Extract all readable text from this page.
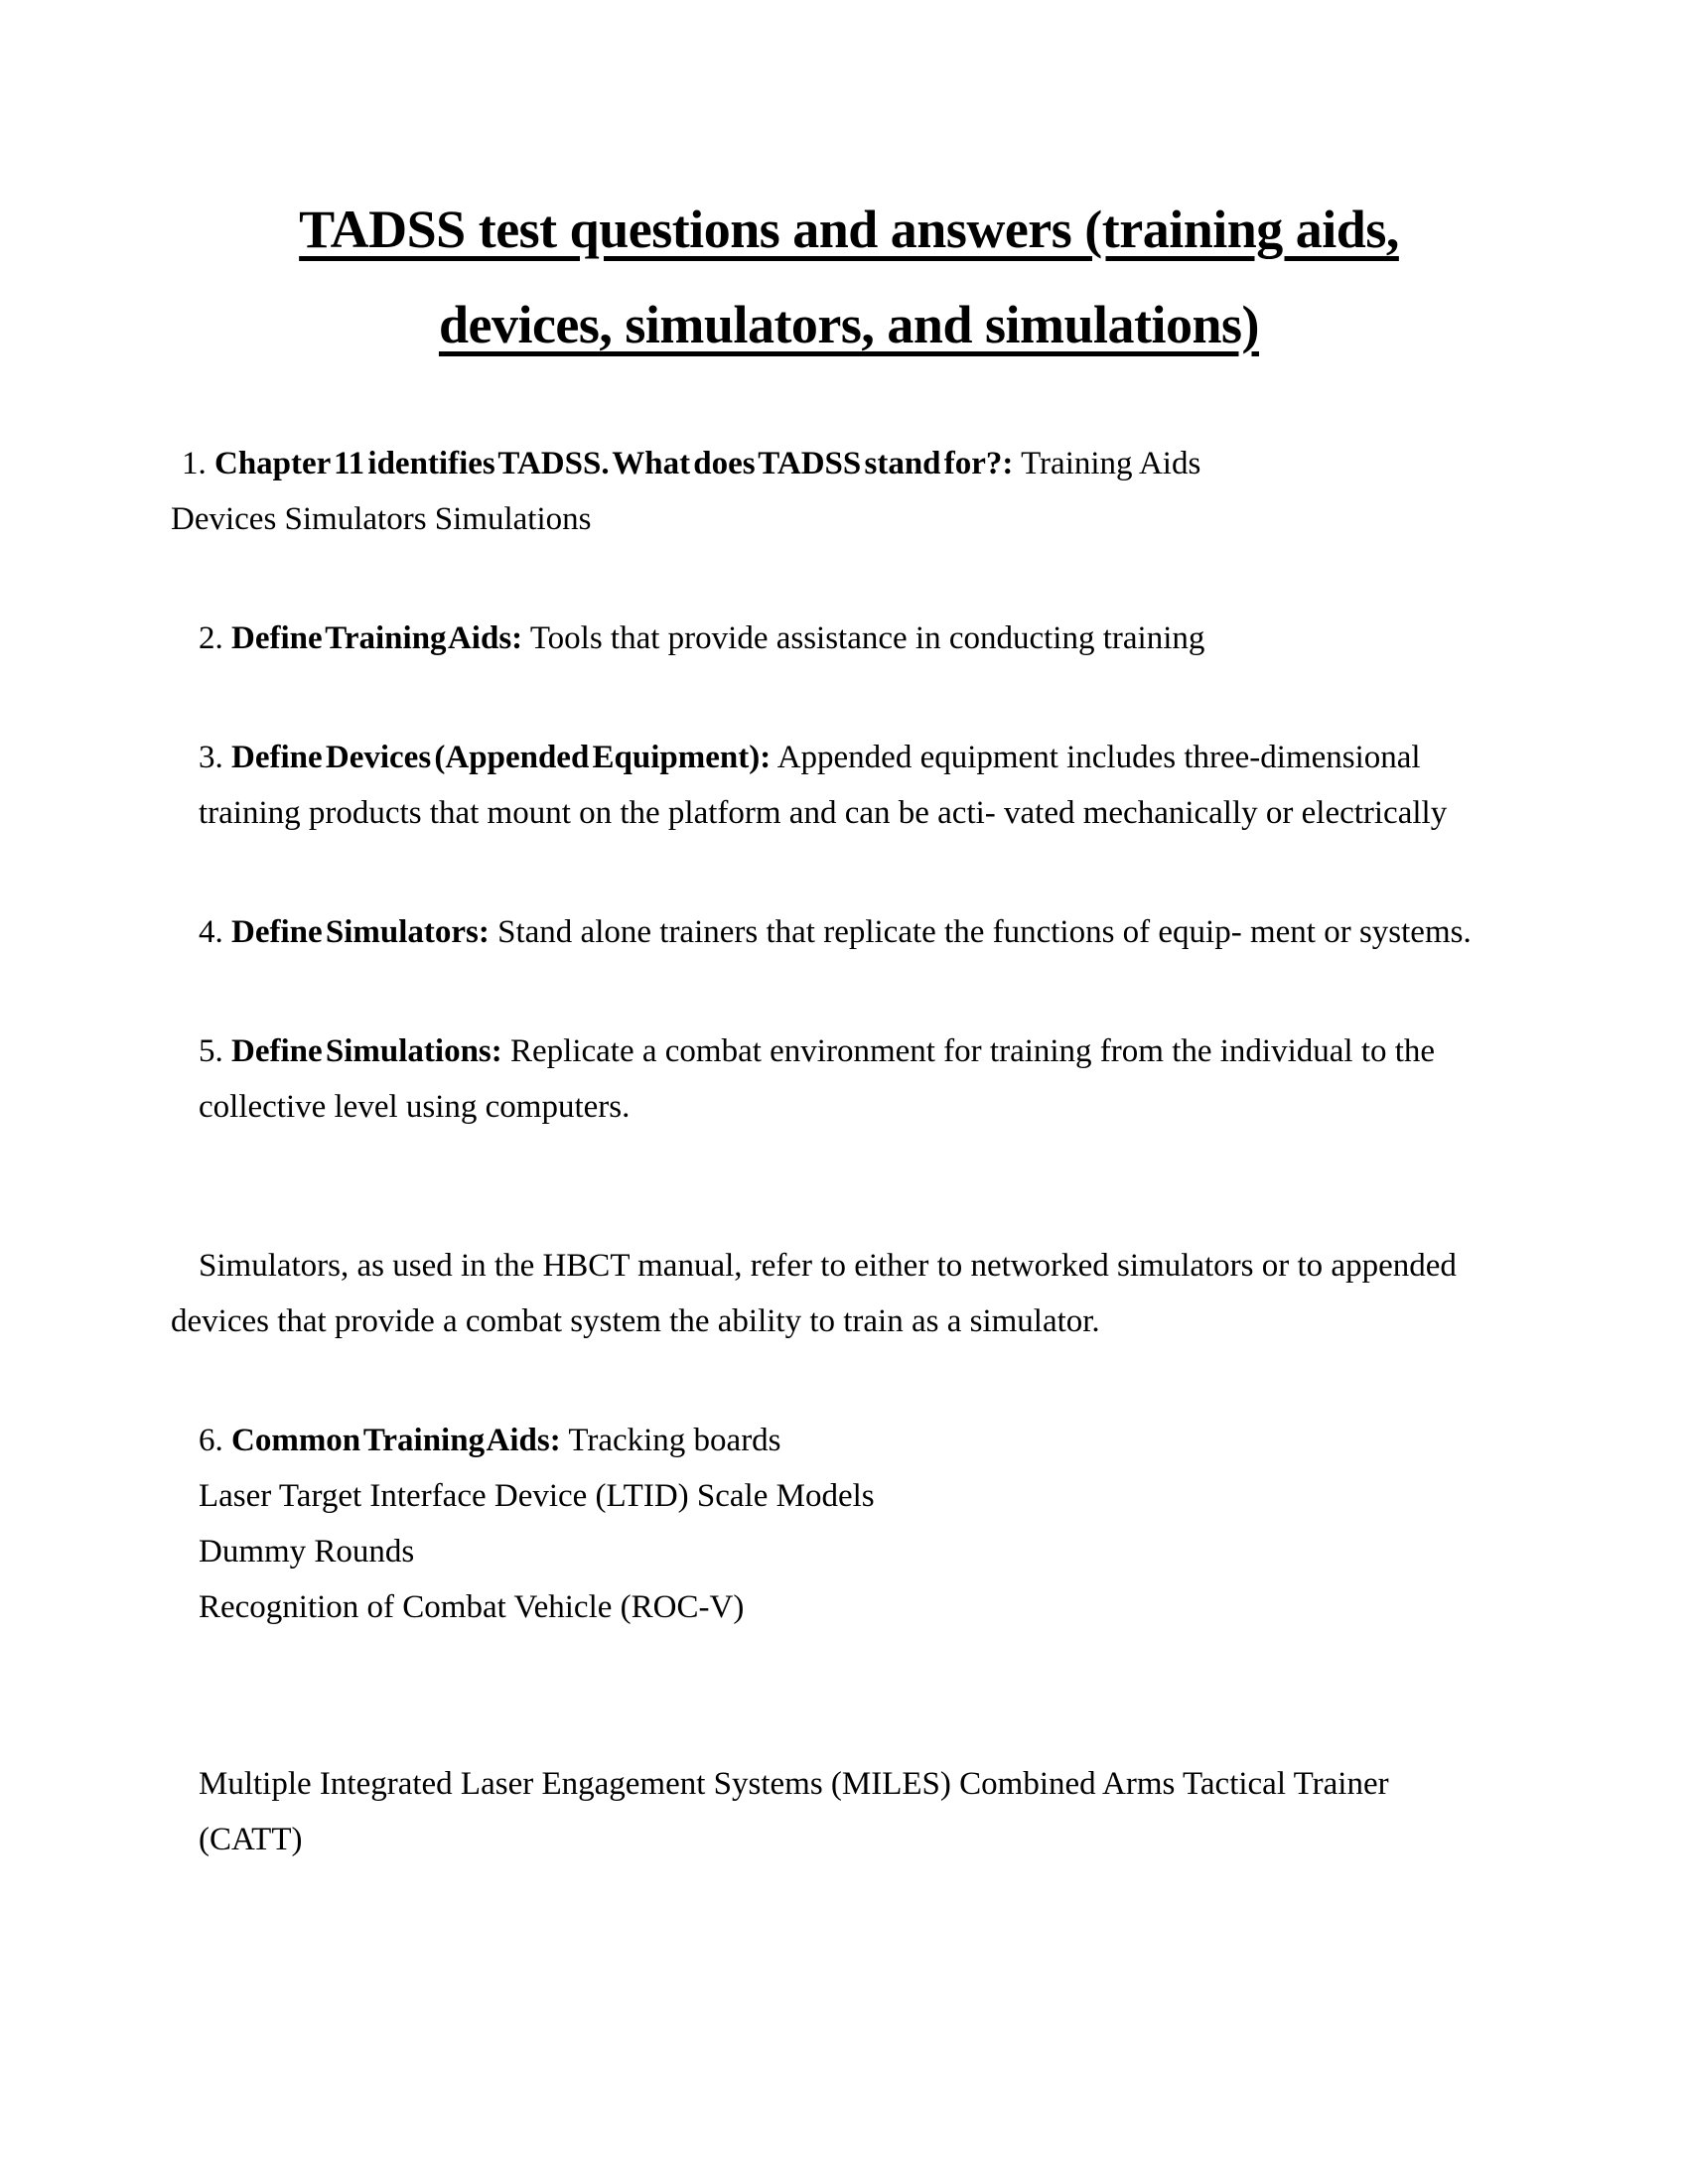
TADSS test questions and answers (training aids,
devices, simulators, and simulations)

1. Chapter 11 identifies TADSS. What does TADSS stand for?: Training Aids
Devices Simulators Simulations

2. Define Training Aids: Tools that provide assistance in conducting training

3. Define Devices (Appended Equipment): Appended equipment includes three-dimensional
training products that mount on the platform and can be acti- vated mechanically or electrically

4. Define Simulators: Stand alone trainers that replicate the functions of equip- ment or systems.

5. Define Simulations: Replicate a combat environment for training from the individual to the
collective level using computers.

Simulators, as used in the HBCT manual, refer to either to networked simulators or to appended
devices that provide a combat system the ability to train as a simulator.

6. Common Training Aids: Tracking boards
Laser Target Interface Device (LTID) Scale Models
Dummy Rounds
Recognition of Combat Vehicle (ROC-V)

Multiple Integrated Laser Engagement Systems (MILES) Combined Arms Tactical Trainer
(CATT)
